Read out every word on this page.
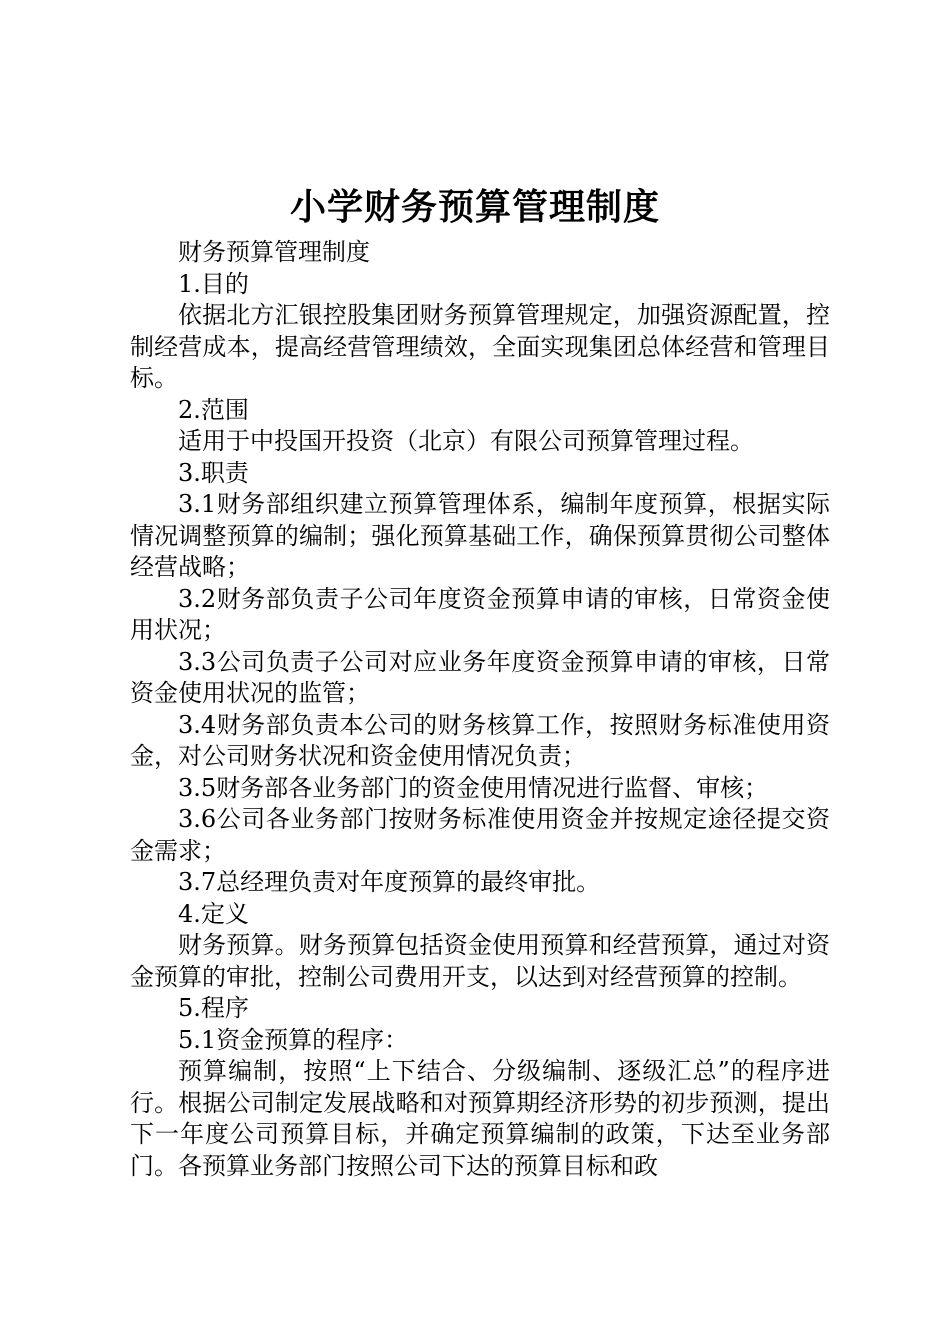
小学财务预算管理制度

财务预算管理制度

1.目的

依据北方汇银控股集团财务预算管理规定，加强资源配置，控制经营成本，提高经营管理绩效，全面实现集团总体经营和管理目标。

2.范围

适用于中投国开投资（北京）有限公司预算管理过程。

3.职责

3.1财务部组织建立预算管理体系，编制年度预算，根据实际情况调整预算的编制；强化预算基础工作，确保预算贯彻公司整体经营战略；

3.2财务部负责子公司年度资金预算申请的审核，日常资金使用状况；

3.3公司负责子公司对应业务年度资金预算申请的审核，日常资金使用状况的监管；

3.4财务部负责本公司的财务核算工作，按照财务标准使用资金，对公司财务状况和资金使用情况负责；

3.5财务部各业务部门的资金使用情况进行监督、审核；

3.6公司各业务部门按财务标准使用资金并按规定途径提交资金需求；

3.7总经理负责对年度预算的最终审批。

4.定义

财务预算。财务预算包括资金使用预算和经营预算，通过对资金预算的审批，控制公司费用开支，以达到对经营预算的控制。

5.程序

5.1资金预算的程序：

预算编制，按照“上下结合、分级编制、逐级汇总”的程序进行。根据公司制定发展战略和对预算期经济形势的初步预测，提出下一年度公司预算目标，并确定预算编制的政策，下达至业务部门。各预算业务部门按照公司下达的预算目标和政
